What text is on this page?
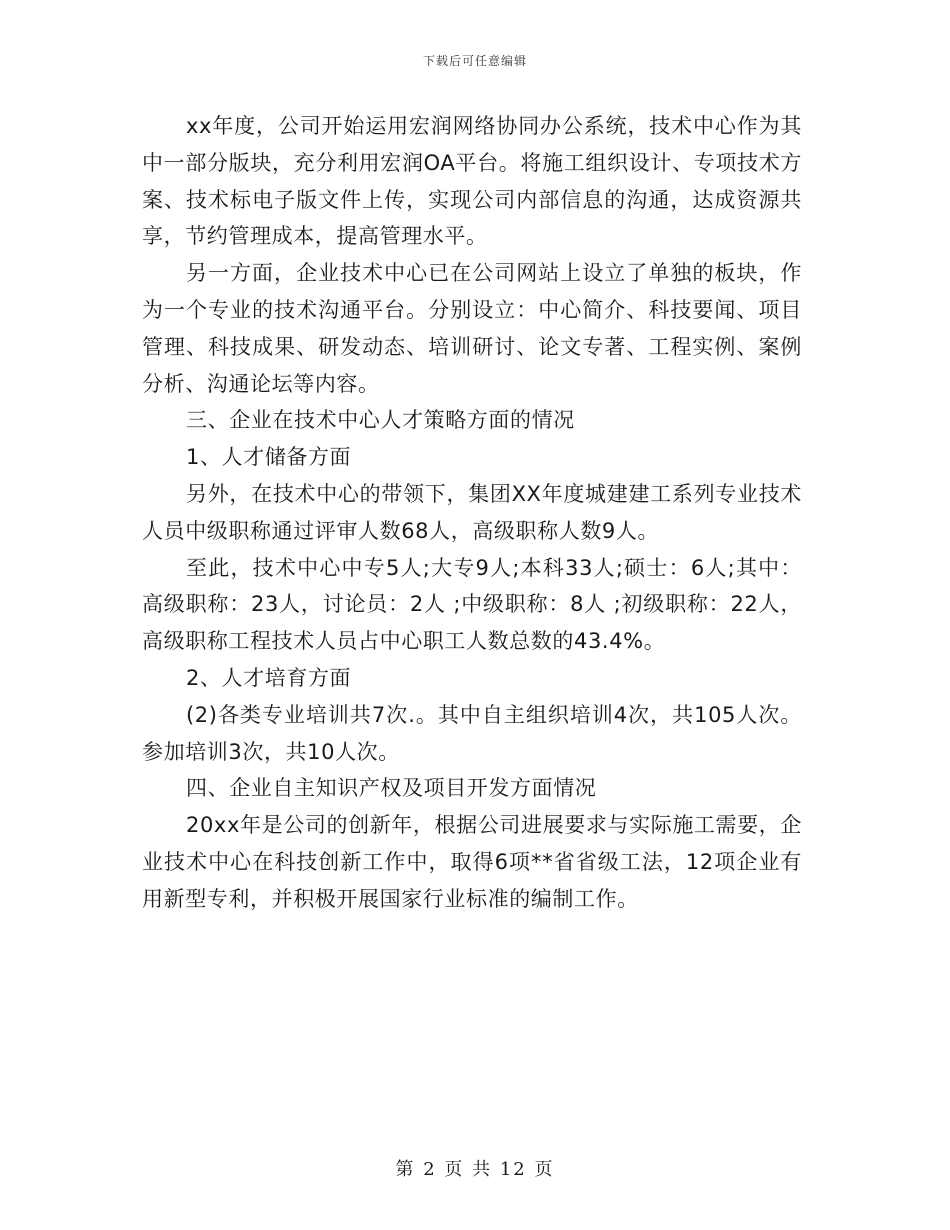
下载后可任意编辑

xx年度，公司开始运用宏润网络协同办公系统，技术中心作为其中一部分版块，充分利用宏润OA平台。将施工组织设计、专项技术方案、技术标电子版文件上传，实现公司内部信息的沟通，达成资源共享，节约管理成本，提高管理水平。

另一方面，企业技术中心已在公司网站上设立了单独的板块，作为一个专业的技术沟通平台。分别设立：中心简介、科技要闻、项目管理、科技成果、研发动态、培训研讨、论文专著、工程实例、案例分析、沟通论坛等内容。

三、企业在技术中心人才策略方面的情况

1、人才储备方面

另外，在技术中心的带领下，集团XX年度城建建工系列专业技术人员中级职称通过评审人数68人，高级职称人数9人。

至此，技术中心中专5人;大专9人;本科33人;硕士：6人;其中：高级职称：23人，讨论员：2人 ;中级职称：8人 ;初级职称：22人，高级职称工程技术人员占中心职工人数总数的43.4%。

2、人才培育方面

(2)各类专业培训共7次.。其中自主组织培训4次，共105人次。参加培训3次，共10人次。

四、企业自主知识产权及项目开发方面情况

20xx年是公司的创新年，根据公司进展要求与实际施工需要，企业技术中心在科技创新工作中，取得6项**省省级工法，12项企业有用新型专利，并积极开展国家行业标准的编制工作。

第 2 页 共 12 页
